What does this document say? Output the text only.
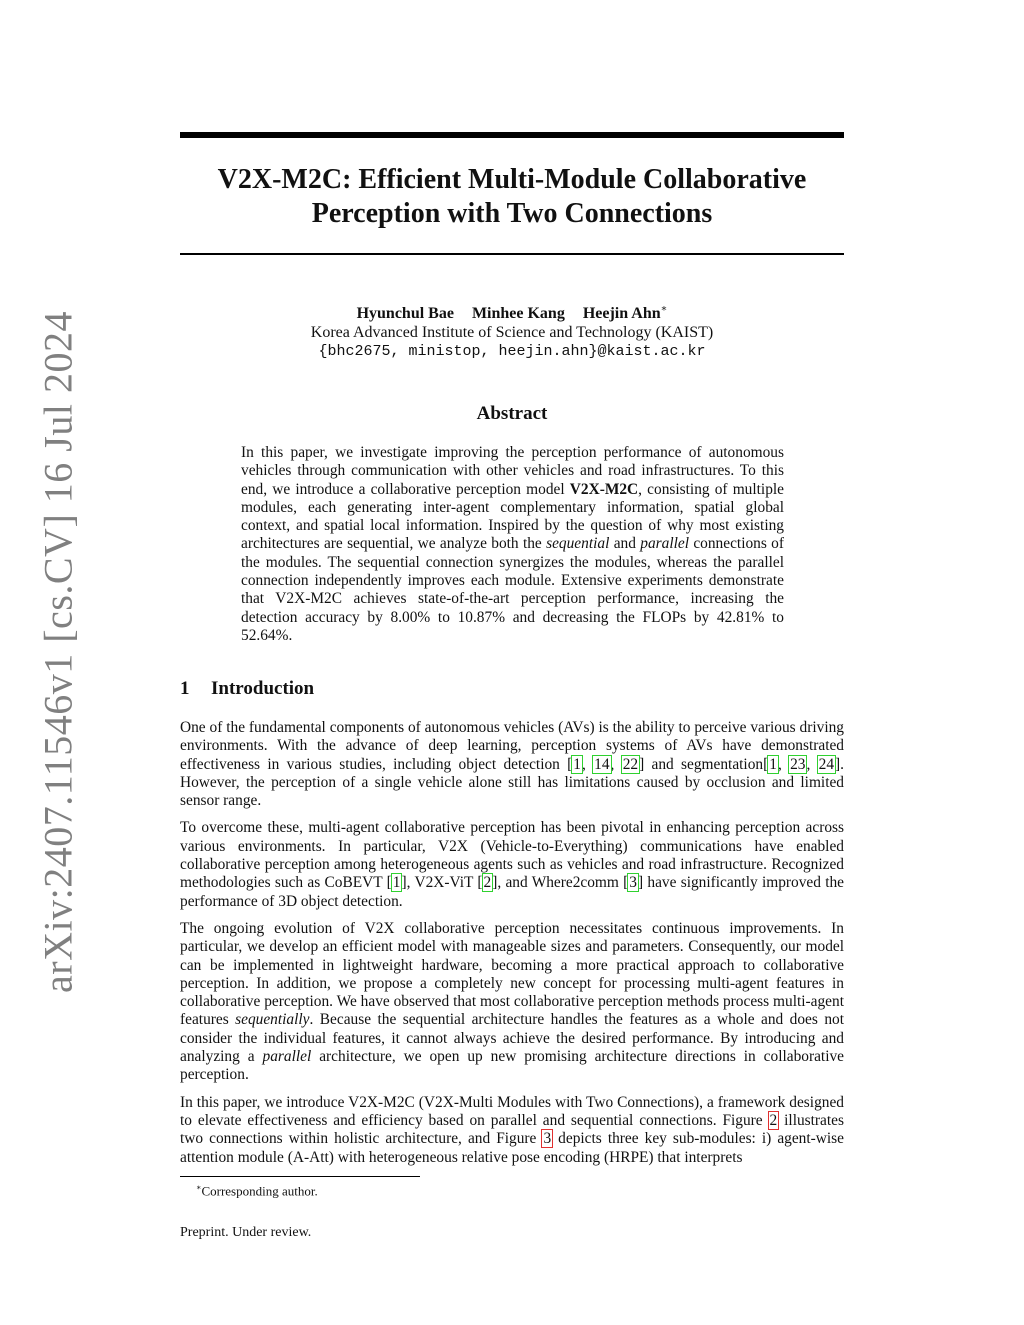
arXiv:2407.11546v1 [cs.CV] 16 Jul 2024
V2X-M2C: Efficient Multi-Module Collaborative
Perception with Two Connections
Hyunchul Bae Minhee Kang Heejin Ahn∗
Korea Advanced Institute of Science and Technology (KAIST)
{bhc2675, ministop, heejin.ahn}@kaist.ac.kr
Abstract

In this paper, we investigate improving the perception performance of autonomous vehicles through communication with other vehicles and road infrastructures. To this end, we introduce a collaborative perception model V2X-M2C, consisting of multiple modules, each generating inter-agent complementary information, spatial global context, and spatial local information. Inspired by the question of why most existing architectures are sequential, we analyze both the sequential and parallel connections of the modules. The sequential connection synergizes the modules, whereas the parallel connection independently improves each module. Extensive experiments demonstrate that V2X-M2C achieves state-of-the-art perception performance, increasing the detection accuracy by 8.00% to 10.87% and decreasing the FLOPs by 42.81% to 52.64%.

1 Introduction

One of the fundamental components of autonomous vehicles (AVs) is the ability to perceive various driving environments. With the advance of deep learning, perception systems of AVs have demonstrated effectiveness in various studies, including object detection [1, 14, 22] and segmentation[1, 23, 24]. However, the perception of a single vehicle alone still has limitations caused by occlusion and limited sensor range.

To overcome these, multi-agent collaborative perception has been pivotal in enhancing perception across various environments. In particular, V2X (Vehicle-to-Everything) communications have enabled collaborative perception among heterogeneous agents such as vehicles and road infrastructure. Recognized methodologies such as CoBEVT [1], V2X-ViT [2], and Where2comm [3] have significantly improved the performance of 3D object detection.

The ongoing evolution of V2X collaborative perception necessitates continuous improvements. In particular, we develop an efficient model with manageable sizes and parameters. Consequently, our model can be implemented in lightweight hardware, becoming a more practical approach to collaborative perception. In addition, we propose a completely new concept for processing multi-agent features in collaborative perception. We have observed that most collaborative perception methods process multi-agent features sequentially. Because the sequential architecture handles the features as a whole and does not consider the individual features, it cannot always achieve the desired performance. By introducing and analyzing a parallel architecture, we open up new promising architecture directions in collaborative perception.

In this paper, we introduce V2X-M2C (V2X-Multi Modules with Two Connections), a framework designed to elevate effectiveness and efficiency based on parallel and sequential connections. Figure 2 illustrates two connections within holistic architecture, and Figure 3 depicts three key sub-modules: i) agent-wise attention module (A-Att) with heterogeneous relative pose encoding (HRPE) that interprets

∗Corresponding author.
Preprint. Under review.
